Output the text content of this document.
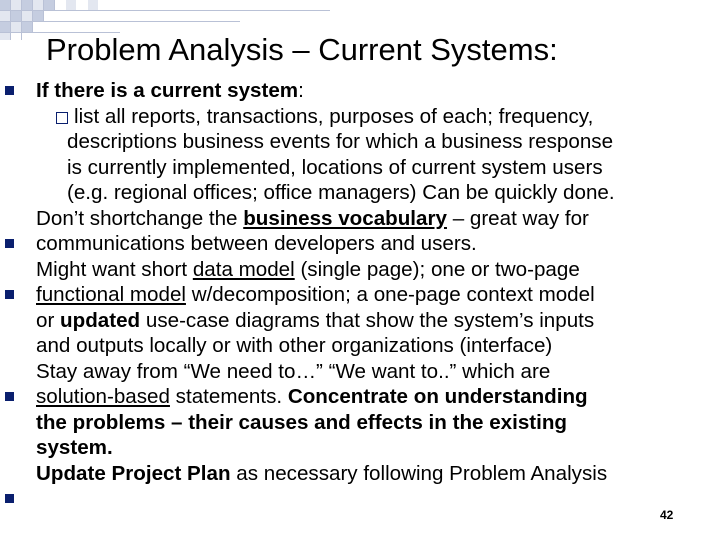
Problem Analysis – Current Systems:
If there is a current system:
list all reports, transactions, purposes of each; frequency,
descriptions business events for which a business response
is currently implemented, locations of current system users
(e.g. regional offices; office managers) Can be quickly done.
Don’t shortchange the business vocabulary – great way for
communications between developers and users.
Might want short data model (single page); one or two-page
functional model w/decomposition; a one-page context model
or updated use-case diagrams that show the system’s inputs
and outputs locally or with other organizations (interface)
Stay away from “We need to…” “We want to..” which are
solution-based statements. Concentrate on understanding
the problems – their causes and effects in the existing
system.
Update Project Plan as necessary following Problem Analysis
42
